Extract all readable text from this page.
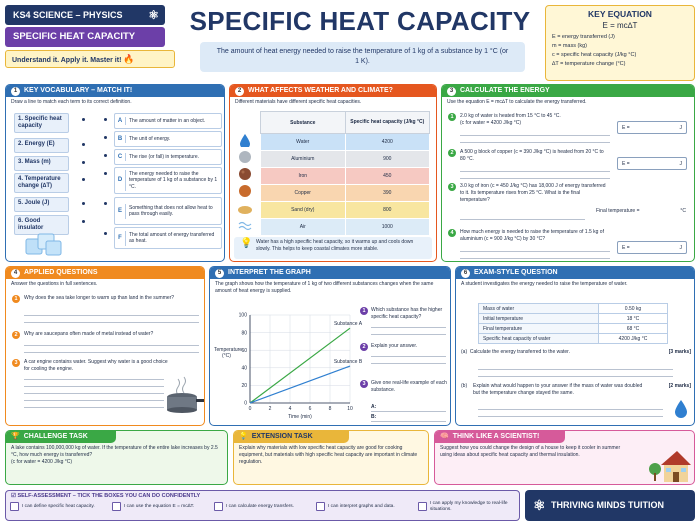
KS4 SCIENCE – PHYSICS ⚛
SPECIFIC HEAT CAPACITY
Understand it. Apply it. Master it! 🔥
SPECIFIC HEAT CAPACITY
The amount of heat energy needed to raise the temperature of 1 kg of a substance by 1 °C (or 1 K).
KEY EQUATION
E = mc∆T
E = energy transferred (J)
m = mass (kg)
c = specific heat capacity (J/kg °C)
∆T = temperature change (°C)
1 KEY VOCABULARY – MATCH IT!
Draw a line to match each term to its correct definition.
1. Specific heat capacity
2. Energy (E)
3. Mass (m)
4. Temperature change (∆T)
5. Joule (J)
6. Good insulator
A	The amount of matter in an object.
B	The unit of energy.
C	The rise (or fall) in temperature.
D
The energy needed to raise the temperature of 1 kg of a substance by 1 °C.
E
Something that does not allow heat to pass through easily.
F
The total amount of energy transferred as heat.
2 WHAT AFFECTS WEATHER AND CLIMATE?
Different materials have different specific heat capacities.
Substance	Specific heat capacity (J/kg °C)
Water	4200
Aluminium	900
Iron	450
Copper	390
Sand (dry)	800
Air	1000
💡 Water has a high specific heat capacity, so it warms up and cools down slowly. This helps to keep coastal climates more stable.
3 CALCULATE THE ENERGY
Use the equation E = mc∆T to calculate the energy transferred.
1	2.0 kg of water is heated from 15 °C to 45 °C.
(c for water = 4200 J/kg °C)
E =	J
2	A 500 g block of copper (c = 390 J/kg °C) is heated from 20 °C to 80 °C.
E =	J
3	3.0 kg of iron (c = 450 J/kg °C) has 18,000 J of energy transferred to it. Its temperature rises from 25 °C. What is the final temperature?
Final temperature =	°C
4	How much energy is needed to raise the temperature of 1.5 kg of aluminium (c = 900 J/kg °C) by 30 °C?
E =	J
4 APPLIED QUESTIONS
Answer the questions in full sentences.
1	Why does the sea take longer to warm up than land in the summer?
2	Why are saucepans often made of metal instead of water?
3	A car engine contains water. Suggest why water is a good choice for cooling the engine.
5 INTERPRET THE GRAPH
The graph shows how the temperature of 1 kg of two different substances changes when the same amount of heat energy is supplied.
0
20
40
60
80
100
0	2	4	6	8	10
Time (min)
Temperature (°C)
Substance A
Substance B
1	Which substance has the higher specific heat capacity?
2	Explain your answer.
3	Give one real-life example of each substance.
A:
B:
6 EXAM-STYLE QUESTION
A student investigates the energy needed to raise the temperature of water.
Mass of water	0.50 kg
Initial temperature	18 °C
Final temperature	68 °C
Specific heat capacity of water	4200 J/kg °C
(a) Calculate the energy transferred to the water.	[3 marks]
(b)	Explain what would happen to your answer if the mass of water was doubled but the temperature change stayed the same.
[2 marks]
🏆 CHALLENGE TASK
A lake contains 100,000,000 kg of water. If the temperature of the entire lake increases by 2.5 °C, how much energy is transferred?
(c for water = 4200 J/kg °C)
💡 EXTENSION TASK
Explain why materials with low specific heat capacity are good for cooking equipment, but materials with high specific heat capacity are important in climate regulation.
🧠 THINK LIKE A SCIENTIST!
Suggest how you could change the design of a house to keep it cooler in summer using ideas about specific heat capacity and thermal insulation.
☑ SELF-ASSESSMENT – TICK THE BOXES YOU CAN DO CONFIDENTLY
I can define specific heat capacity.	I can use the equation E = mc∆T.	I can calculate energy transfers.	I can interpret graphs and data.
I can apply my knowledge to real-life situations.	⚛ THRIVING MINDS TUITION
